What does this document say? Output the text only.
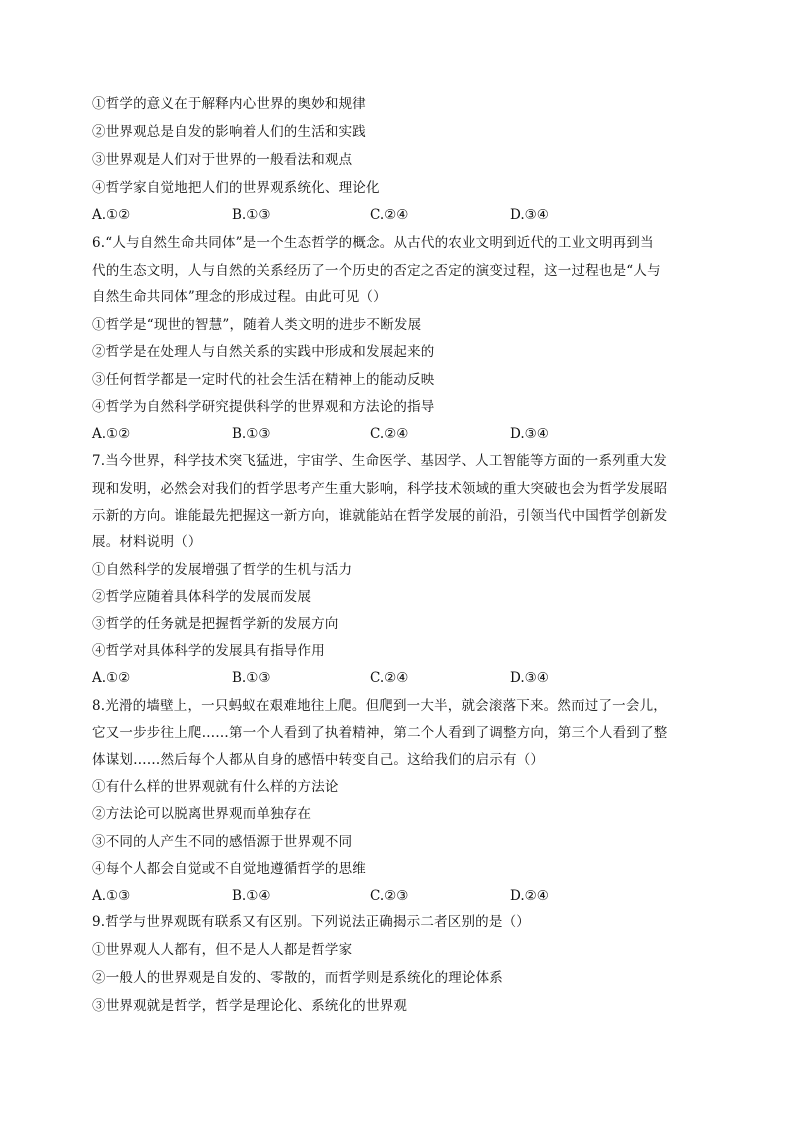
①哲学的意义在于解释内心世界的奥妙和规律
②世界观总是自发的影响着人们的生活和实践
③世界观是人们对于世界的一般看法和观点
④哲学家自觉地把人们的世界观系统化、理论化
A.①②	B.①③	C.②④	D.③④
6.“人与自然生命共同体”是一个生态哲学的概念。从古代的农业文明到近代的工业文明再到当
代的生态文明，人与自然的关系经历了一个历史的否定之否定的演变过程，这一过程也是“人与
自然生命共同体”理念的形成过程。由此可见（）
①哲学是“现世的智慧”，随着人类文明的进步不断发展
②哲学是在处理人与自然关系的实践中形成和发展起来的
③任何哲学都是一定时代的社会生活在精神上的能动反映
④哲学为自然科学研究提供科学的世界观和方法论的指导
A.①②	B.①③	C.②④	D.③④
7.当今世界，科学技术突飞猛进，宇宙学、生命医学、基因学、人工智能等方面的一系列重大发
现和发明，必然会对我们的哲学思考产生重大影响，科学技术领域的重大突破也会为哲学发展昭
示新的方向。谁能最先把握这一新方向，谁就能站在哲学发展的前沿，引领当代中国哲学创新发
展。材料说明（）
①自然科学的发展增强了哲学的生机与活力
②哲学应随着具体科学的发展而发展
③哲学的任务就是把握哲学新的发展方向
④哲学对具体科学的发展具有指导作用
A.①②	B.①③	C.②④	D.③④
8.光滑的墙壁上，一只蚂蚁在艰难地往上爬。但爬到一大半，就会滚落下来。然而过了一会儿，
它又一步步往上爬……第一个人看到了执着精神，第二个人看到了调整方向，第三个人看到了整
体谋划……然后每个人都从自身的感悟中转变自己。这给我们的启示有（）
①有什么样的世界观就有什么样的方法论
②方法论可以脱离世界观而单独存在
③不同的人产生不同的感悟源于世界观不同
④每个人都会自觉或不自觉地遵循哲学的思维
A.①③	B.①④	C.②③	D.②④
9.哲学与世界观既有联系又有区别。下列说法正确揭示二者区别的是（）
①世界观人人都有，但不是人人都是哲学家
②一般人的世界观是自发的、零散的，而哲学则是系统化的理论体系
③世界观就是哲学，哲学是理论化、系统化的世界观
